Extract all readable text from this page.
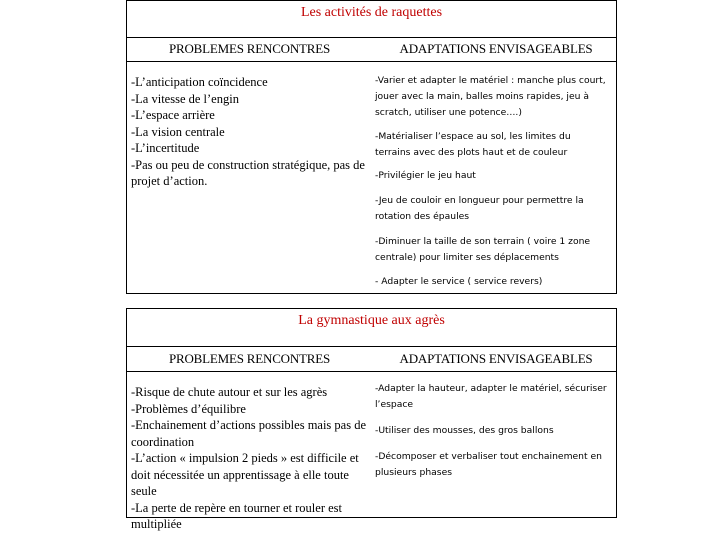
Les activités de raquettes
PROBLEMES RENCONTRES	ADAPTATIONS ENVISAGEABLES
-L’anticipation coïncidence
-La vitesse de l’engin
-L’espace arrière
-La vision centrale
-L’incertitude
-Pas ou peu de construction stratégique, pas de projet d’action.
-Varier et adapter le matériel : manche plus court, jouer avec la main, balles moins rapides, jeu à scratch, utiliser une potence….)
-Matérialiser l’espace au sol, les limites du terrains avec des plots haut et de couleur
-Privilégier le jeu haut
-Jeu de couloir en longueur pour permettre la rotation des épaules
-Diminuer la taille de son terrain ( voire 1 zone centrale) pour limiter ses déplacements
- Adapter le service ( service revers)
La gymnastique aux agrès
PROBLEMES RENCONTRES	ADAPTATIONS ENVISAGEABLES
-Risque de chute autour et sur les agrès
-Problèmes d’équilibre
-Enchainement d’actions possibles mais pas de coordination
-L’action « impulsion 2 pieds » est difficile et doit nécessitée un apprentissage à elle toute seule
-La perte de repère en tourner et rouler est multipliée
-Adapter la hauteur, adapter le matériel, sécuriser l’espace
-Utiliser des mousses, des gros ballons
-Décomposer et verbaliser tout enchainement en plusieurs phases
